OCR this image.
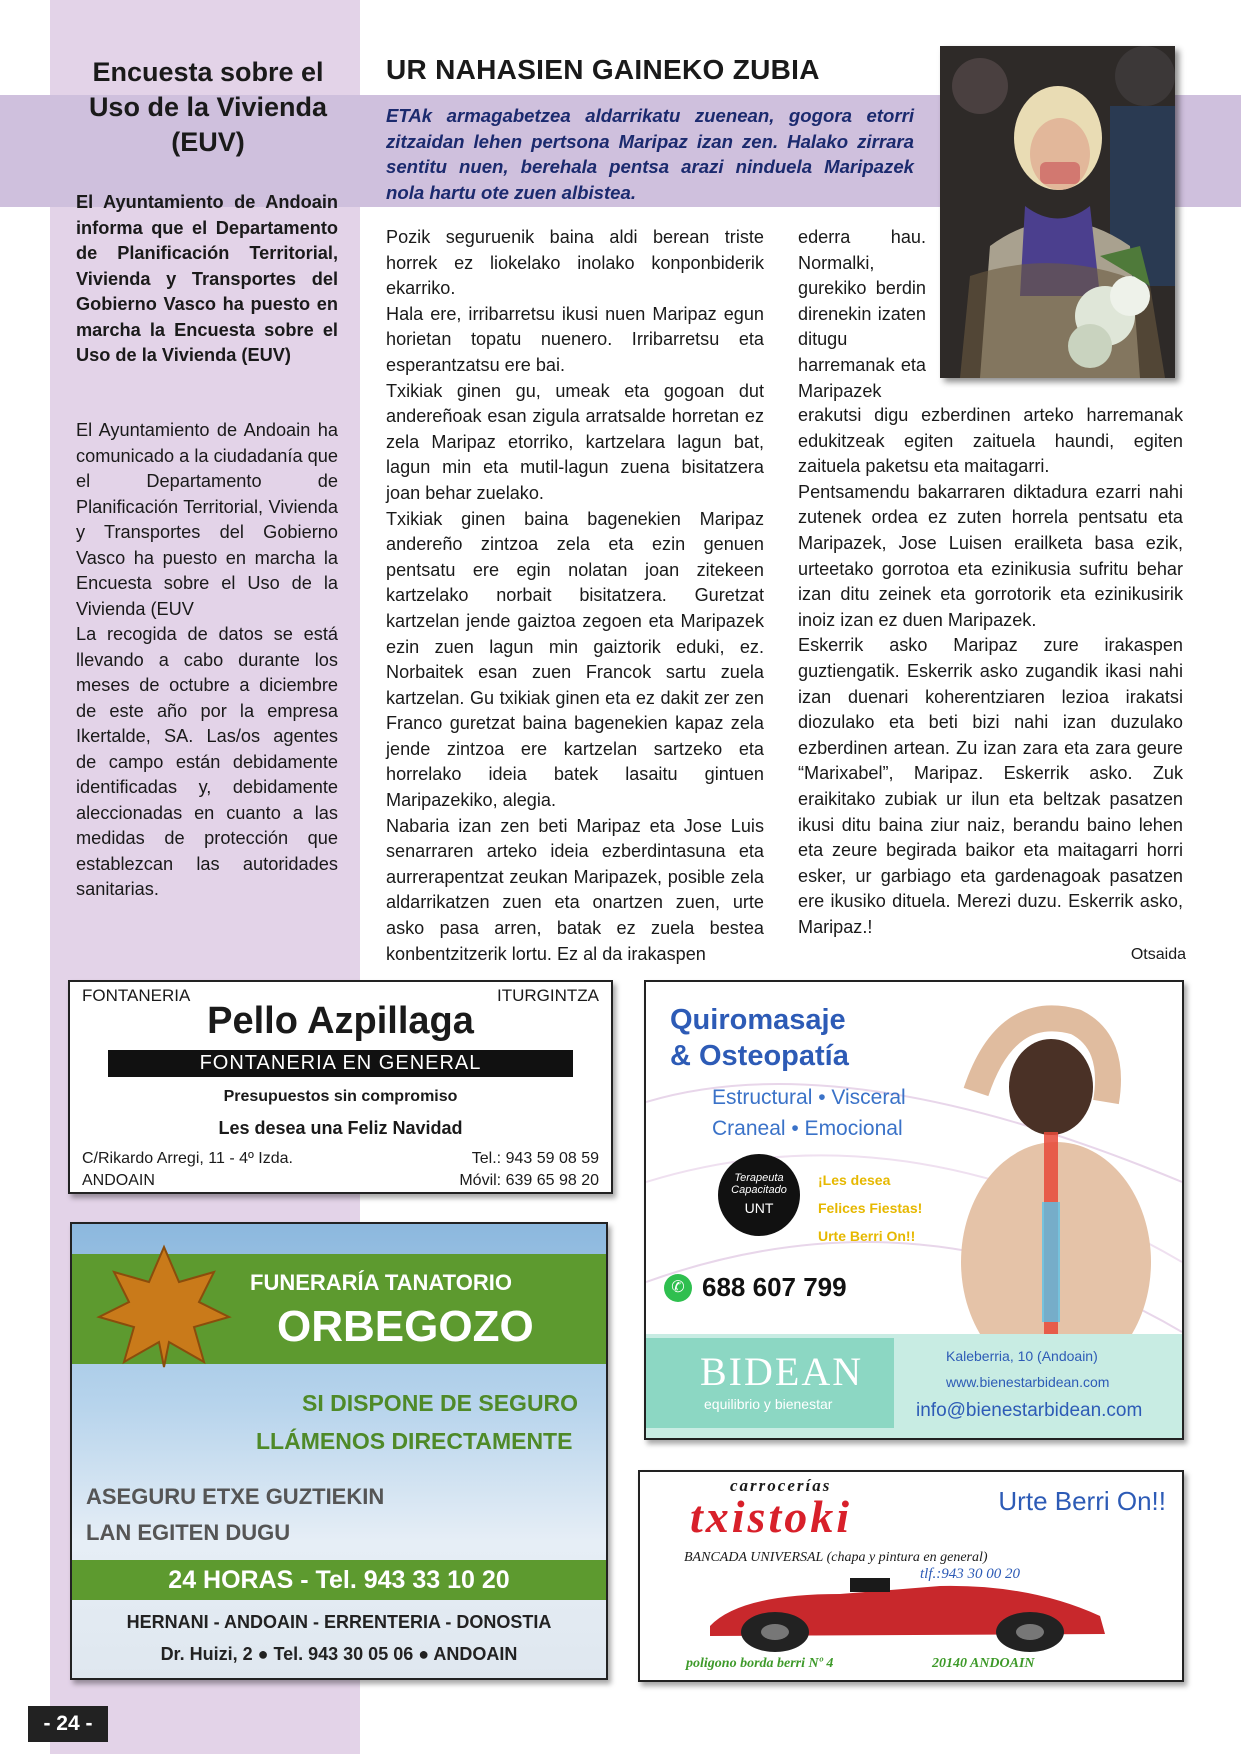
Encuesta sobre el Uso de la Vivienda (EUV)
El Ayuntamiento de Andoain informa que el Departamento de Planificación Territorial, Vivienda y Transportes del Gobierno Vasco ha puesto en marcha la Encuesta sobre el Uso de la Vivienda (EUV)

El Ayuntamiento de Andoain ha comunicado a la ciudadanía que el Departamento de Planificación Territorial, Vivienda y Transportes del Gobierno Vasco ha puesto en marcha la Encuesta sobre el Uso de la Vivienda (EUV

La recogida de datos se está llevando a cabo durante los meses de octubre a diciembre de este año por la empresa Ikertalde, SA. Las/os agentes de campo están debidamente identificadas y, debidamente aleccionadas en cuanto a las medidas de protección que establezcan las autoridades sanitarias.

UR NAHASIEN GAINEKO ZUBIA
ETAk armagabetzea aldarrikatu zuenean, gogora etorri zitzaidan lehen pertsona Maripaz izan zen. Halako zirrara sentitu nuen, berehala pentsa arazi ninduela Maripazek nola hartu ote zuen albistea.

Pozik seguruenik baina aldi berean triste horrek ez liokelako inolako konponbiderik ekarriko.

Hala ere, irribarretsu ikusi nuen Maripaz egun horietan topatu nuenero. Irribarretsu eta esperantzatsu ere bai.

Txikiak ginen gu, umeak eta gogoan dut andereñoak esan zigula arratsalde horretan ez zela Maripaz etorriko, kartzelara lagun bat, lagun min eta mutil-lagun zuena bisitatzera joan behar zuelako.

Txikiak ginen baina bagenekien Maripaz andereño zintzoa zela eta ezin genuen pentsatu ere egin nolatan joan zitekeen kartzelako norbait bisitatzera. Guretzat kartzelan jende gaiztoa zegoen eta Maripazek ezin zuen lagun min gaiztorik eduki, ez. Norbaitek esan zuen Francok sartu zuela kartzelan. Gu txikiak ginen eta ez dakit zer zen Franco guretzat baina bagenekien kapaz zela jende zintzoa ere kartzelan sartzeko eta horrelako ideia batek lasaitu gintuen Maripazekiko, alegia.

Nabaria izan zen beti Maripaz eta Jose Luis senarraren arteko ideia ezberdintasuna eta aurrerapentzat zeukan Maripazek, posible zela aldarrikatzen zuen eta onartzen zuen, urte asko pasa arren, batak ez zuela bestea konbentzitzerik lortu. Ez al da irakaspen

ederra hau. Normalki, gurekiko berdin direnekin izaten ditugu harremanak eta Maripazek

erakutsi digu ezberdinen arteko harremanak edukitzeak egiten zaituela haundi, egiten zaituela paketsu eta maitagarri.

Pentsamendu bakarraren diktadura ezarri nahi zutenek ordea ez zuten horrela pentsatu eta Maripazek, Jose Luisen erailketa basa ezik, urteetako gorrotoa eta ezinikusia sufritu behar izan ditu zeinek eta gorrotorik eta ezinikusirik inoiz izan ez duen Maripazek.

Eskerrik asko Maripaz zure irakaspen guztiengatik. Eskerrik asko zugandik ikasi nahi izan duenari koherentziaren lezioa irakatsi diozulako eta beti bizi nahi izan duzulako ezberdinen artean. Zu izan zara eta zara geure “Marixabel”, Maripaz. Eskerrik asko. Zuk eraikitako zubiak ur ilun eta beltzak pasatzen ikusi ditu baina ziur naiz, berandu baino lehen eta zeure begirada baikor eta maitagarri horri esker, ur garbiago eta gardenagoak pasatzen ere ikusiko dituela. Merezi duzu. Eskerrik asko, Maripaz.!

Otsaida
FONTANERIA	ITURGINTZA
Pello Azpillaga
FONTANERIA EN GENERAL
Presupuestos sin compromiso
Les desea una Feliz Navidad
C/Rikardo Arregi, 11 - 4º Izda.
ANDOAIN
Tel.: 943 59 08 59
Móvil: 639 65 98 20
Quiromasaje
& Osteopatía
Estructural • Visceral
Craneal • Emocional
Terapeuta
Capacitado
UNT
¡Les desea
Felices Fiestas!
Urte Berri On!!
✆ 688 607 799
BIDEAN
equilibrio y bienestar
Kaleberria, 10 (Andoain)
www.bienestarbidean.com
info@bienestarbidean.com
FUNERARÍA TANATORIO
ORBEGOZO
SI DISPONE DE SEGURO
LLÁMENOS DIRECTAMENTE
ASEGURU ETXE GUZTIEKIN
LAN EGITEN DUGU
24 HORAS - Tel. 943 33 10 20
HERNANI - ANDOAIN - ERRENTERIA - DONOSTIA
Dr. Huizi, 2 ● Tel. 943 30 05 06 ● ANDOAIN
carrocerías
txistoki	Urte Berri On!!
BANCADA UNIVERSAL (chapa y pintura en general)
tlf.:943 30 00 20
poligono borda berri Nº 4	20140 ANDOAIN
- 24 -
